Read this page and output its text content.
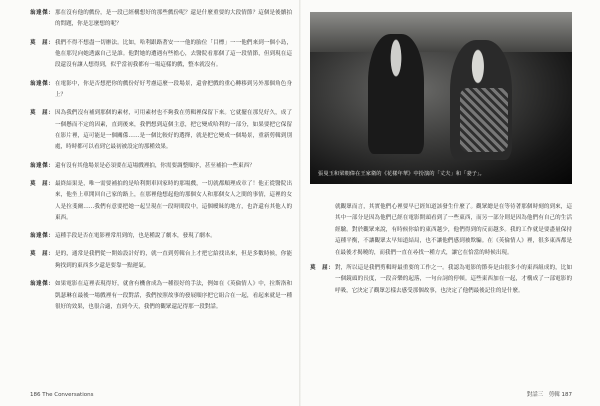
翁達傑： 那在沒有他的戲份，是一段已經構想好的那些戲份呢？還是什麼重要的大段情節？這個是後續拍的問題，你是怎麼想的呢？
莫　屈： 我們不得不想盡一切辦法。比如，哈利跟路著安一一他的胎位「目標」一一他們來到一個小島，他在那兒向她透露自己是誰。他對她的遭遇有些擔心，去醫院看那個了這一段情節，但到現在這段還沒有讓人想得到，似乎當初我都有一場這樣的戲，整本就沒有。
翁達傑： 在電影中，你是否想把你的戲份好好考慮這麼一段場景，還會把戲的重心轉移到另外那個角色身上？
莫　屈： 因為我們沒有補到那個的素材，可用素材也不夠我在剪輯裡保留下來。它就擺在那兒好久，成了一個懸而不定的因素，直到後來，我們想到這個主意，把它變成哈利的一部分，如果要把它保留在影片裡，這可能是一個關係……是一個比較好的選擇，就是把它變成一個場景，重新剪輯到別處，時時都可以看到它最初被設定的那種效果。
翁達傑： 還有沒有其他場景是必須要在這場戲裡拍，你需要調整順序，甚至補拍一些東西？
莫　屈： 最終結果是，唯一需要補拍的是哈利開車回家時的那場戲，一切就都順理成章了！他正從醫院出來，他坐上車開回自己家的路上，在那裡他想起他的那個女人和那個女人之間的事情，這裡的女人是拉斐爾……我們有意要把她一起呈現在一段時間段中，這個曖昧的地方，也許還有其他人的東西。
翁達傑： 這種手段是否在電影裡常用到的，也是種說了劇本，發現了劇本。
莫　屈： 是的，通常是我們從一開始設計好的，就一直到剪輯台上才把它給找出來，但是多數時候，你能夠找到的東西多少還是要靠一點運氣。
翁達傑： 如果電影在這裡表現得好，就會有機會成為一種很好的手法，例如在《英倫情人》中，拉斯洛和凱瑟琳在最後一場戲裡有一段對話，我們按照故事的發展順序把它組合在一起，看起來就是一種很好的效果，也很合適，直到今天，我們的觀眾還記得那一段對話。
張曼玉和梁朝偉在王家衛的《花樣年華》中扮演的「丈夫」和「妻子」。

就觀眾而言，其實他們心裡要早已經知道該發生什麼了。觀眾總是在等待著那個時刻的到來，這其中一部分是因為他們已經在電影開頭看到了一些東西，而另一部分則是因為他們有自己的生活經驗。對於觀眾來說，有時候你給的東西越少，他們得到的反而越多。我的工作就是要盡量保持這種平衡，不讓觀眾太早知道結局，也不讓他們感到被欺騙。在《英倫情人》裡，很多東西都是在最後才揭曉的，而我們一直在尋找一種方式，讓它在恰當的時候出現。

莫　屈： 對，所以這是我們剪輯時最重要的工作之一。我認為電影的節奏是由很多小的東西組成的，比如一個鏡頭的長度，一段音樂的起落，一句台詞的停頓。這些東西加在一起，才構成了一部電影的呼吸，它決定了觀眾怎樣去感受那個故事，也決定了他們最後記住的是什麼。
186 The Conversations	對話三　剪輯 187
